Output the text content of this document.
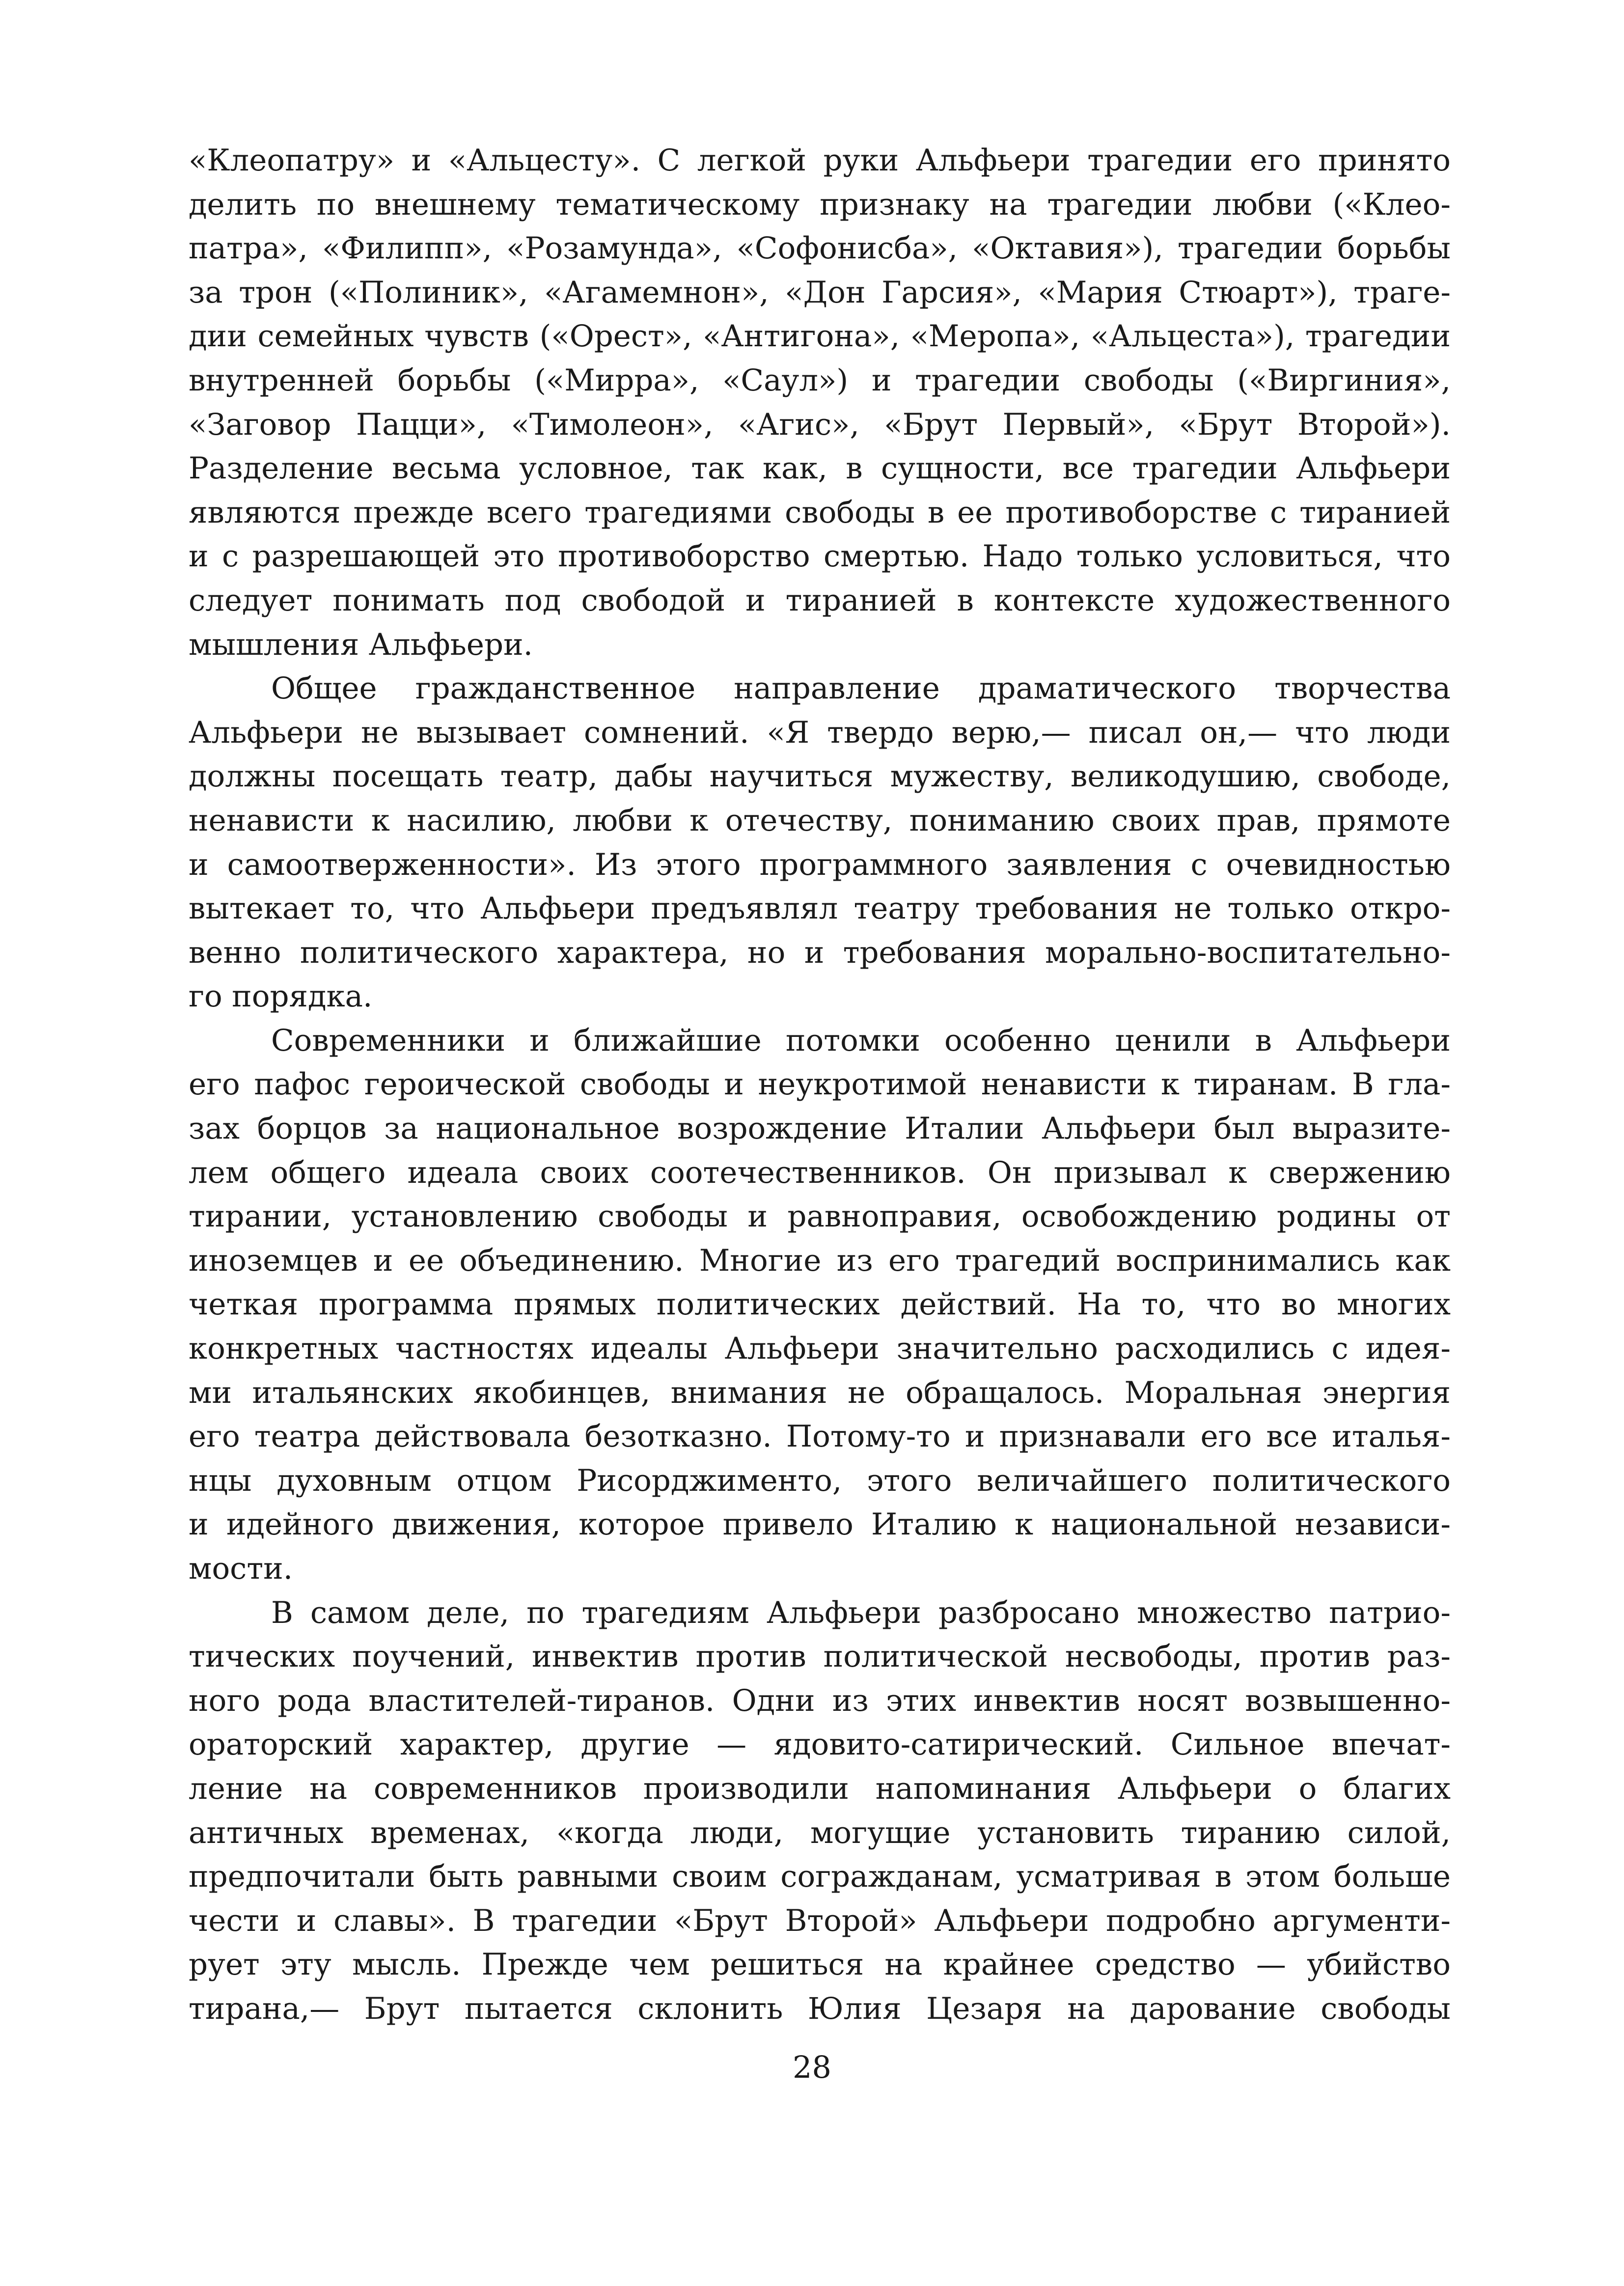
«Клеопатру» и «Альцесту». С легкой руки Альфьери трагедии его принято
делить по внешнему тематическому признаку на трагедии любви («Клео-
патра», «Филипп», «Розамунда», «Софонисба», «Октавия»), трагедии борьбы
за трон («Полиник», «Агамемнон», «Дон Гарсия», «Мария Стюарт»), траге-
дии семейных чувств («Орест», «Антигона», «Меропа», «Альцеста»), трагедии
внутренней борьбы («Мирра», «Саул») и трагедии свободы («Виргиния»,
«Заговор Пацци», «Тимолеон», «Агис», «Брут Первый», «Брут Второй»).
Разделение весьма условное, так как, в сущности, все трагедии Альфьери
являются прежде всего трагедиями свободы в ее противоборстве с тиранией
и с разрешающей это противоборство смертью. Надо только условиться, что
следует понимать под свободой и тиранией в контексте художественного
мышления Альфьери.
Общее гражданственное направление драматического творчества
Альфьери не вызывает сомнений. «Я твердо верю,— писал он,— что люди
должны посещать театр, дабы научиться мужеству, великодушию, свободе,
ненависти к насилию, любви к отечеству, пониманию своих прав, прямоте
и самоотверженности». Из этого программного заявления с очевидностью
вытекает то, что Альфьери предъявлял театру требования не только откро-
венно политического характера, но и требования морально-воспитательно-
го порядка.
Современники и ближайшие потомки особенно ценили в Альфьери
его пафос героической свободы и неукротимой ненависти к тиранам. В гла-
зах борцов за национальное возрождение Италии Альфьери был выразите-
лем общего идеала своих соотечественников. Он призывал к свержению
тирании, установлению свободы и равноправия, освобождению родины от
иноземцев и ее объединению. Многие из его трагедий воспринимались как
четкая программа прямых политических действий. На то, что во многих
конкретных частностях идеалы Альфьери значительно расходились с идея-
ми итальянских якобинцев, внимания не обращалось. Моральная энергия
его театра действовала безотказно. Потому-то и признавали его все италья-
нцы духовным отцом Рисорджименто, этого величайшего политического
и идейного движения, которое привело Италию к национальной независи-
мости.
В самом деле, по трагедиям Альфьери разбросано множество патрио-
тических поучений, инвектив против политической несвободы, против раз-
ного рода властителей-тиранов. Одни из этих инвектив носят возвышенно-
ораторский характер, другие — ядовито-сатирический. Сильное впечат-
ление на современников производили напоминания Альфьери о благих
античных временах, «когда люди, могущие установить тиранию силой,
предпочитали быть равными своим согражданам, усматривая в этом больше
чести и славы». В трагедии «Брут Второй» Альфьери подробно аргументи-
рует эту мысль. Прежде чем решиться на крайнее средство — убийство
тирана,— Брут пытается склонить Юлия Цезаря на дарование свободы
28
